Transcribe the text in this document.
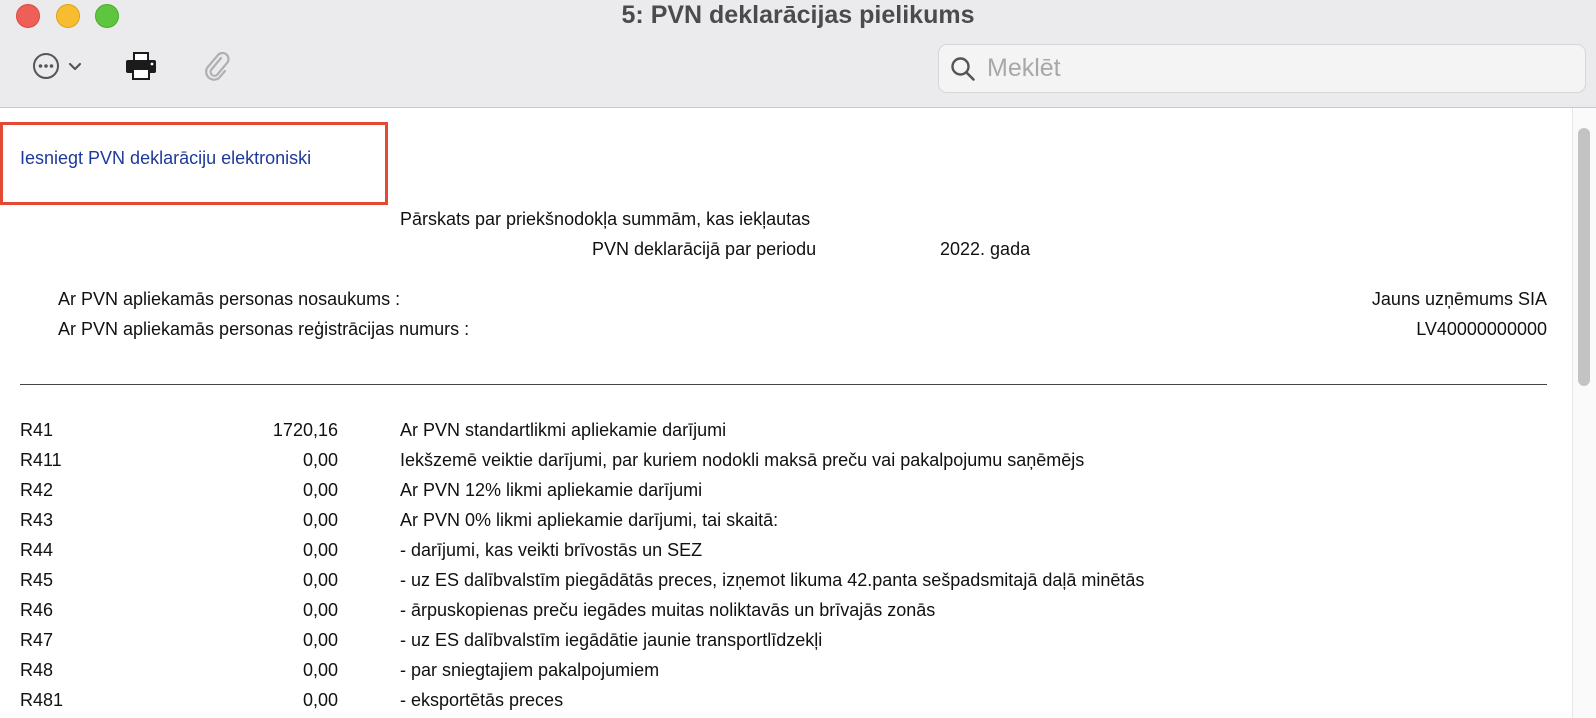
5: PVN deklarācijas pielikums
Meklēt
Iesniegt PVN deklarāciju elektroniski
Pārskats par priekšnodokļa summām, kas iekļautas
PVN deklarācijā par periodu	2022. gada
Ar PVN apliekamās personas nosaukums :	Jauns uzņēmums SIA
Ar PVN apliekamās personas reģistrācijas numurs :	LV40000000000
R41	1720,16	Ar PVN standartlikmi apliekamie darījumi
R411	0,00	Iekšzemē veiktie darījumi, par kuriem nodokli maksā preču vai pakalpojumu saņēmējs
R42	0,00	Ar PVN 12% likmi apliekamie darījumi
R43	0,00	Ar PVN 0% likmi apliekamie darījumi, tai skaitā:
R44	0,00	- darījumi, kas veikti brīvostās un SEZ
R45	0,00	- uz ES dalībvalstīm piegādātās preces, izņemot likuma 42.panta sešpadsmitajā daļā minētās
R46	0,00	- ārpuskopienas preču iegādes muitas noliktavās un brīvajās zonās
R47	0,00	- uz ES dalībvalstīm iegādātie jaunie transportlīdzekļi
R48	0,00	- par sniegtajiem pakalpojumiem
R481	0,00	- eksportētās preces
